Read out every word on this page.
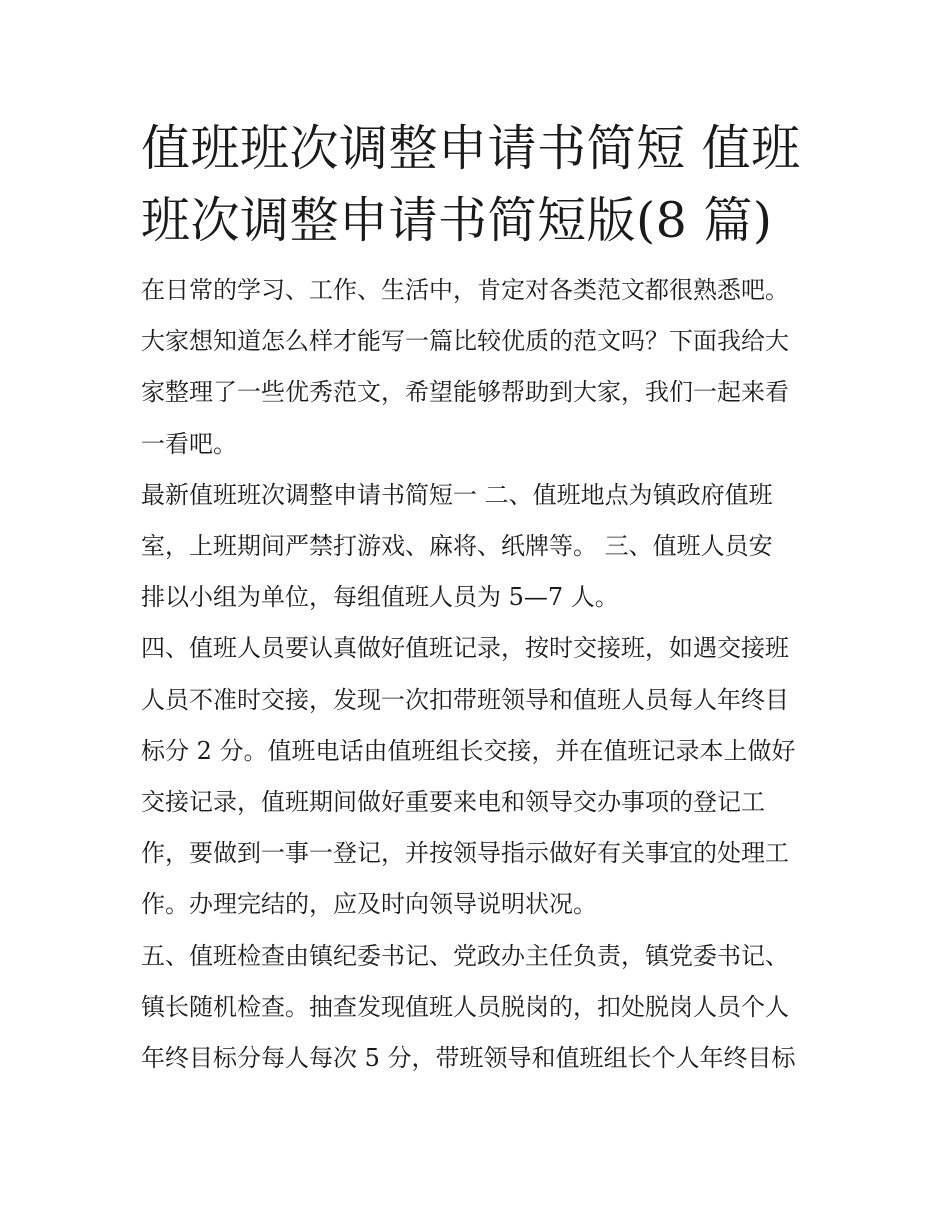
值班班次调整申请书简短 值班
班次调整申请书简短版(8 篇)

在日常的学习、工作、生活中，肯定对各类范文都很熟悉吧。
大家想知道怎么样才能写一篇比较优质的范文吗？下面我给大
家整理了一些优秀范文，希望能够帮助到大家，我们一起来看
一看吧。

最新值班班次调整申请书简短一 二、值班地点为镇政府值班
室，上班期间严禁打游戏、麻将、纸牌等。 三、值班人员安
排以小组为单位，每组值班人员为 5—7 人。

四、值班人员要认真做好值班记录，按时交接班，如遇交接班
人员不准时交接，发现一次扣带班领导和值班人员每人年终目
标分 2 分。值班电话由值班组长交接，并在值班记录本上做好
交接记录，值班期间做好重要来电和领导交办事项的登记工
作，要做到一事一登记，并按领导指示做好有关事宜的处理工
作。办理完结的，应及时向领导说明状况。

五、值班检查由镇纪委书记、党政办主任负责，镇党委书记、
镇长随机检查。抽查发现值班人员脱岗的，扣处脱岗人员个人
年终目标分每人每次 5 分，带班领导和值班组长个人年终目标
